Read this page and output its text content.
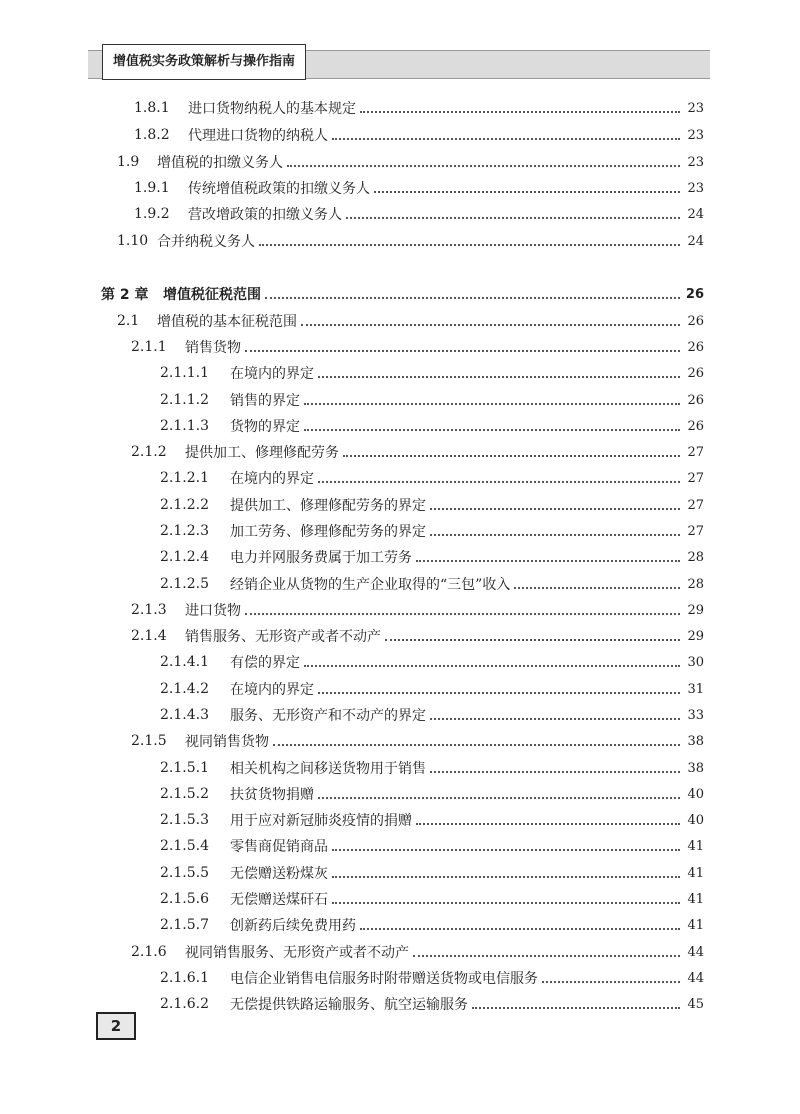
增值税实务政策解析与操作指南
1.8.1	进口货物纳税人的基本规定	23
1.8.2	代理进口货物的纳税人	23
1.9	增值税的扣缴义务人	23
1.9.1	传统增值税政策的扣缴义务人	23
1.9.2	营改增政策的扣缴义务人	24
1.10 合并纳税义务人	24
第 2 章	增值税征税范围	26
2.1	增值税的基本征税范围	26
2.1.1	销售货物	26
2.1.1.1	在境内的界定	26
2.1.1.2	销售的界定	26
2.1.1.3	货物的界定	26
2.1.2	提供加工、修理修配劳务	27
2.1.2.1	在境内的界定	27
2.1.2.2	提供加工、修理修配劳务的界定	27
2.1.2.3	加工劳务、修理修配劳务的界定	27
2.1.2.4	电力并网服务费属于加工劳务	28
2.1.2.5	经销企业从货物的生产企业取得的“三包”收入	28
2.1.3	进口货物	29
2.1.4	销售服务、无形资产或者不动产	29
2.1.4.1	有偿的界定	30
2.1.4.2	在境内的界定	31
2.1.4.3	服务、无形资产和不动产的界定	33
2.1.5	视同销售货物	38
2.1.5.1	相关机构之间移送货物用于销售	38
2.1.5.2	扶贫货物捐赠	40
2.1.5.3	用于应对新冠肺炎疫情的捐赠	40
2.1.5.4	零售商促销商品	41
2.1.5.5	无偿赠送粉煤灰	41
2.1.5.6	无偿赠送煤矸石	41
2.1.5.7	创新药后续免费用药	41
2.1.6	视同销售服务、无形资产或者不动产	44
2.1.6.1	电信企业销售电信服务时附带赠送货物或电信服务	44
2.1.6.2	无偿提供铁路运输服务、航空运输服务	45
2
